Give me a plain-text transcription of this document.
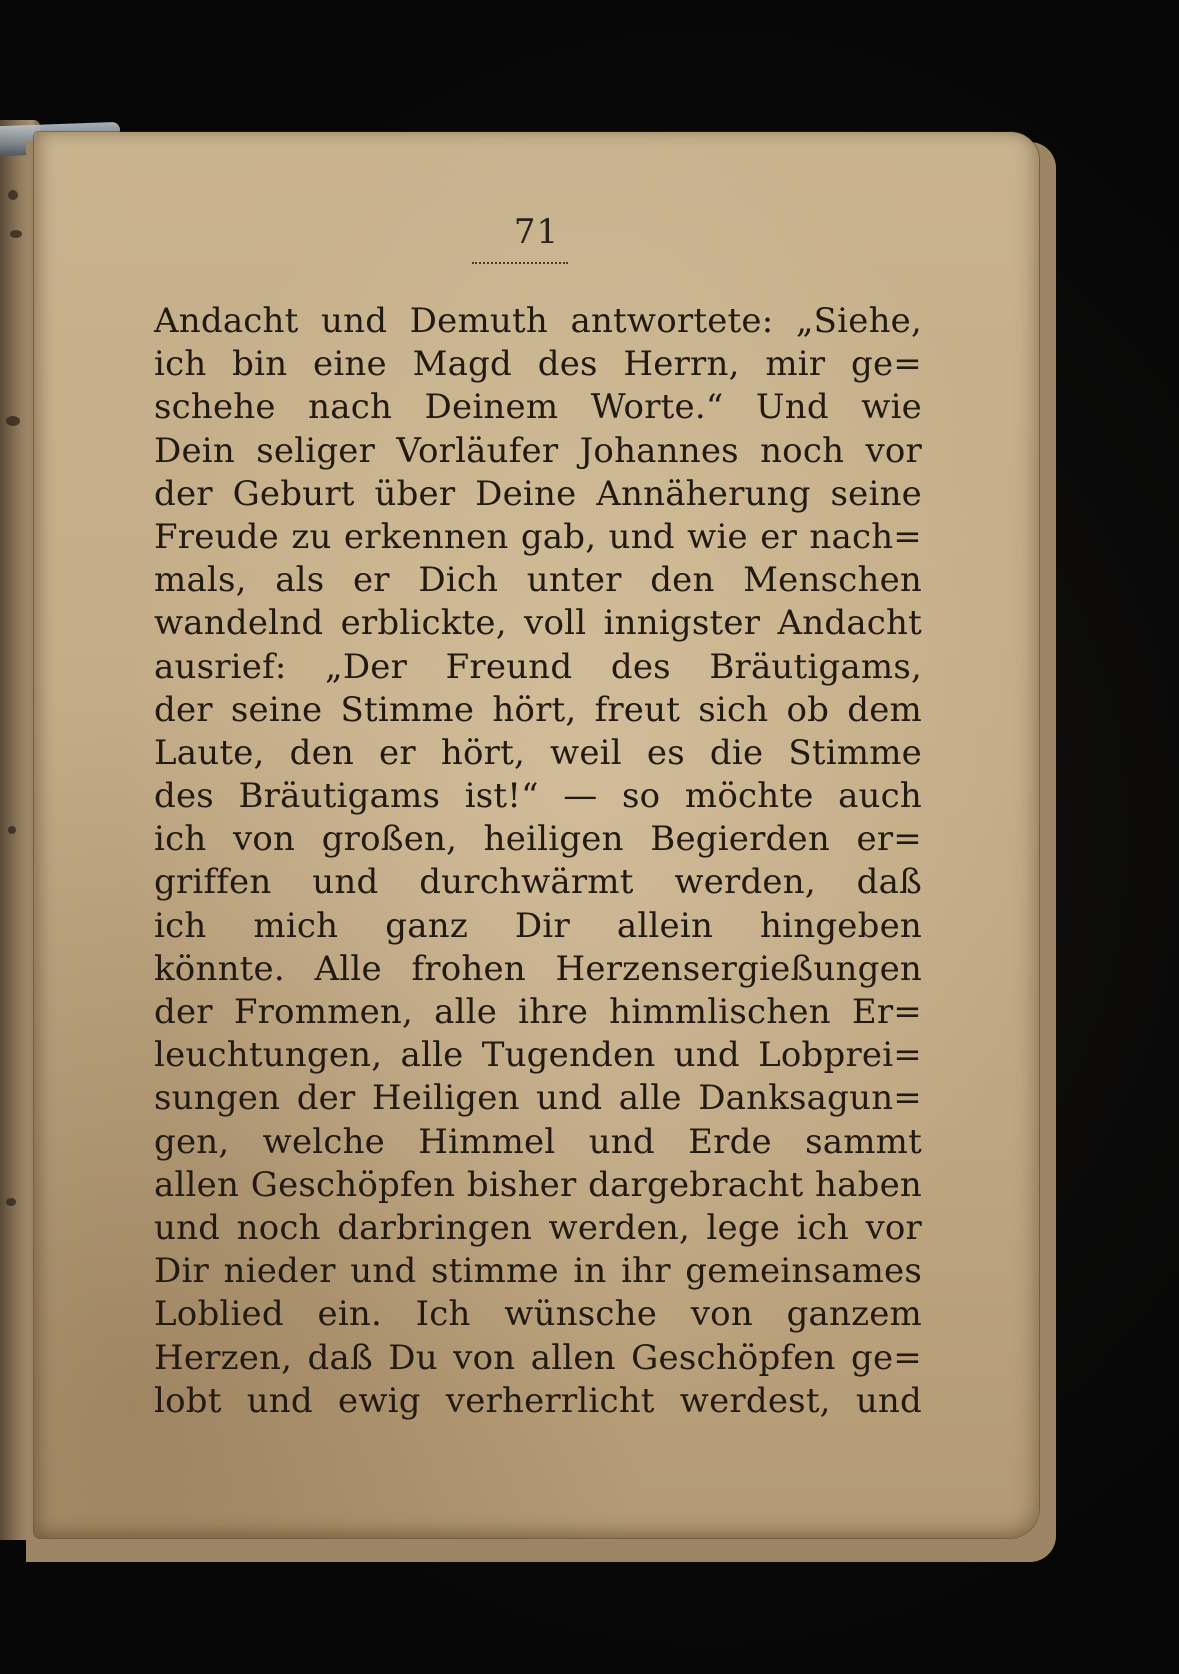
71
Andacht und Demuth antwortete: „Siehe,
ich bin eine Magd des Herrn, mir ge=
schehe nach Deinem Worte.“ Und wie
Dein seliger Vorläufer Johannes noch vor
der Geburt über Deine Annäherung seine
Freude zu erkennen gab, und wie er nach=
mals, als er Dich unter den Menschen
wandelnd erblickte, voll innigster Andacht
ausrief: „Der Freund des Bräutigams,
der seine Stimme hört, freut sich ob dem
Laute, den er hört, weil es die Stimme
des Bräutigams ist!“ — so möchte auch
ich von großen, heiligen Begierden er=
griffen und durchwärmt werden, daß
ich mich ganz Dir allein hingeben
könnte. Alle frohen Herzensergießungen
der Frommen, alle ihre himmlischen Er=
leuchtungen, alle Tugenden und Lobprei=
sungen der Heiligen und alle Danksagun=
gen, welche Himmel und Erde sammt
allen Geschöpfen bisher dargebracht haben
und noch darbringen werden, lege ich vor
Dir nieder und stimme in ihr gemeinsames
Loblied ein. Ich wünsche von ganzem
Herzen, daß Du von allen Geschöpfen ge=
lobt und ewig verherrlicht werdest, und
